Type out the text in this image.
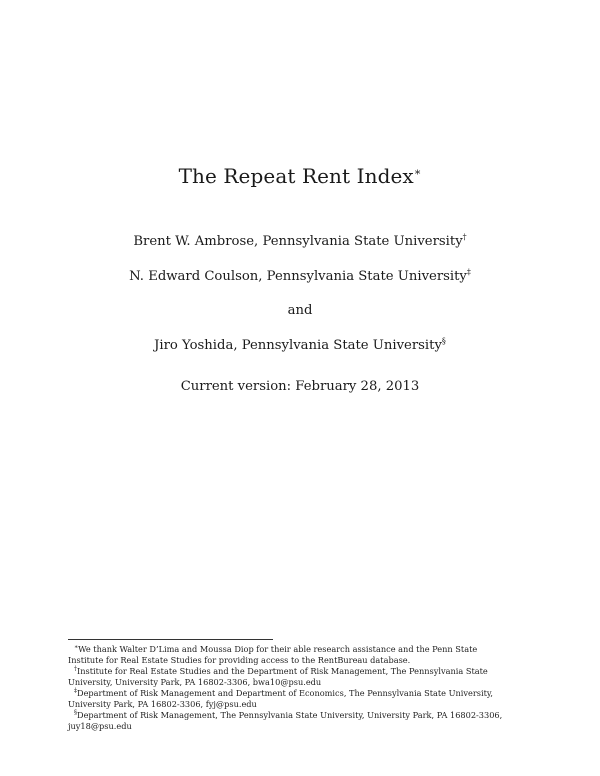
The Repeat Rent Index∗
Brent W. Ambrose, Pennsylvania State University†
N. Edward Coulson, Pennsylvania State University‡
and
Jiro Yoshida, Pennsylvania State University§
Current version: February 28, 2013
∗We thank Walter D’Lima and Moussa Diop for their able research assistance and the Penn State Institute for Real Estate Studies for providing access to the RentBureau database.
†Institute for Real Estate Studies and the Department of Risk Management, The Pennsylvania State University, University Park, PA 16802-3306, bwa10@psu.edu
‡Department of Risk Management and Department of Economics, The Pennsylvania State University, University Park, PA 16802-3306, fyj@psu.edu
§Department of Risk Management, The Pennsylvania State University, University Park, PA 16802-3306, juy18@psu.edu
